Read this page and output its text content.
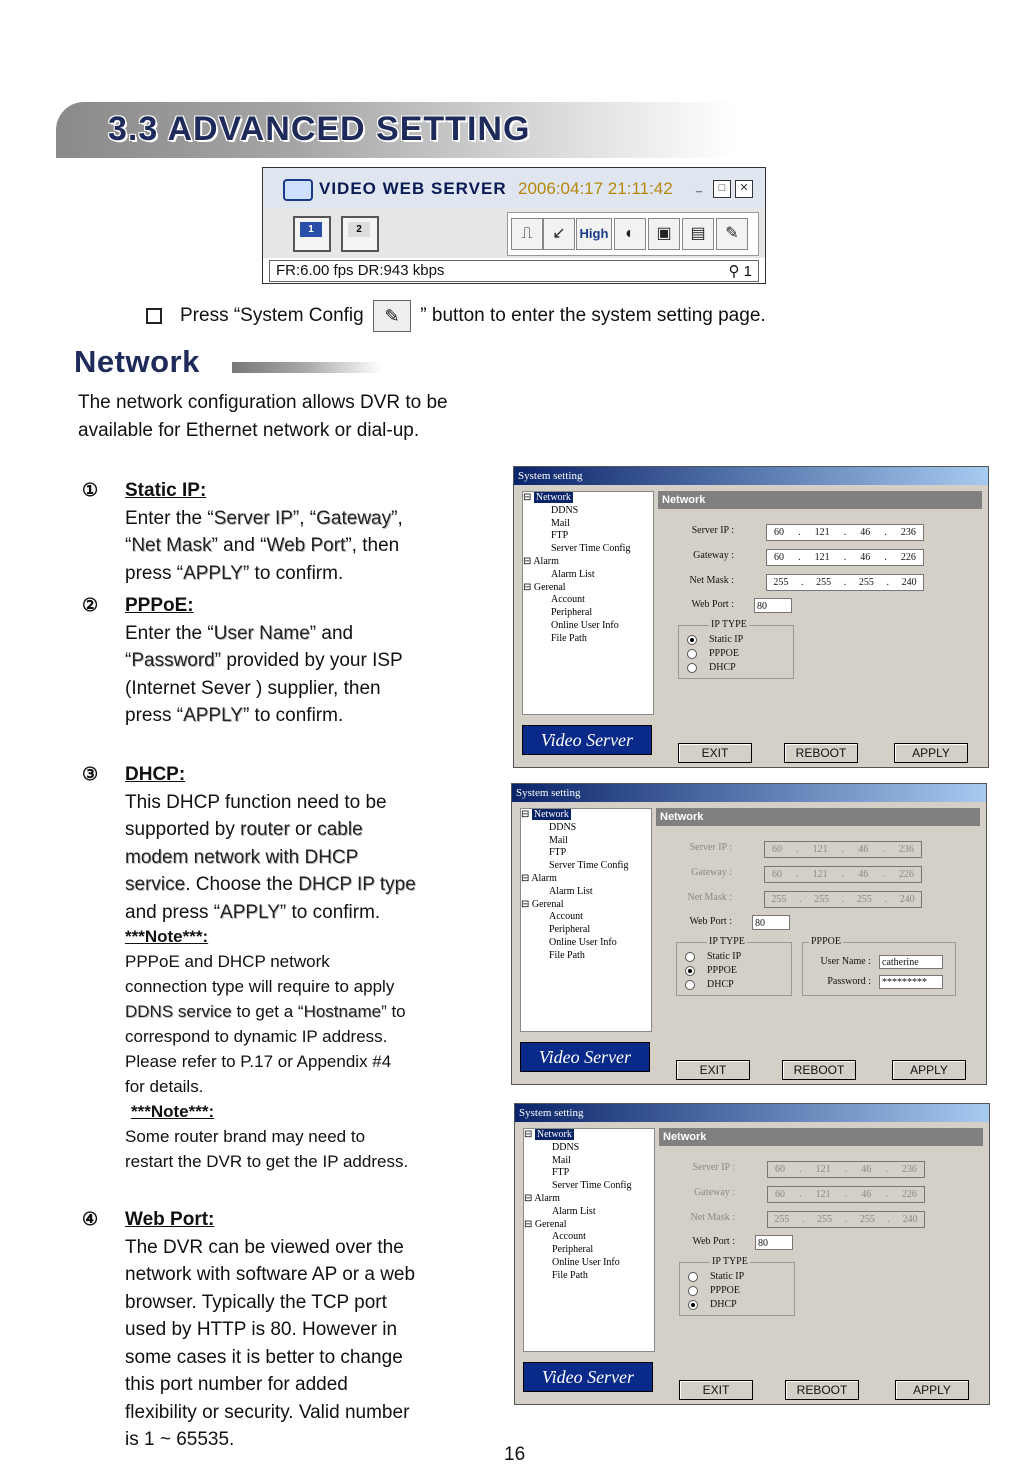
3.3 ADVANCED SETTING
VIDEO WEB SERVER 2006:04:17 21:11:42	_	□	✕
1	2	⎍	↙	High	◐	▣	▤	✎
FR:6.00 fps DR:943 kbps	⚲ 1
Press “System Config ✎ ” button to enter the system setting page.
Network
The network configuration allows DVR to be available for Ethernet network or dial-up.
① Static IP:
Enter the “Server IP”, “Gateway”,
“Net Mask” and “Web Port”, then
press “APPLY” to confirm.
② PPPoE:
Enter the “User Name” and
“Password” provided by your ISP
(Internet Sever ) supplier, then
press “APPLY” to confirm.
③ DHCP:
This DHCP function need to be
supported by router or cable
modem network with DHCP
service. Choose the DHCP IP type
and press “APPLY” to confirm.
***Note***:
PPPoE and DHCP network
connection type will require to apply
DDNS service to get a “Hostname” to
correspond to dynamic IP address.
Please refer to P.17 or Appendix #4
for details.
***Note***:
Some router brand may need to
restart the DVR to get the IP address.
④ Web Port:
The DVR can be viewed over the
network with software AP or a web
browser. Typically the TCP port
used by HTTP is 80. However in
some cases it is better to change
this port number for added
flexibility or security. Valid number
is 1 ~ 65535.
System setting
⊟ Network
DDNS
Mail
FTP
Server Time Config
⊟ Alarm
Alarm List
⊟ Gerenal
Account
Peripheral
Online User Info
File Path
Network
Server IP :	60 . 121 . 46 . 236
Gateway :	60 . 121 . 46 . 226
Net Mask :	255 . 255 . 255 . 240
Web Port :	80
IP TYPE
Static IP
PPPOE
DHCP
Video Server
EXIT	REBOOT	APPLY
System setting
⊟ Network
DDNS
Mail
FTP
Server Time Config
⊟ Alarm
Alarm List
⊟ Gerenal
Account
Peripheral
Online User Info
File Path
Network
Server IP :	60 . 121 . 46 . 236
Gateway :	60 . 121 . 46 . 226
Net Mask :	255 . 255 . 255 . 240
Web Port :	80
IP TYPE
Static IP
PPPOE
DHCP
PPPOE
User Name :	catherine
Password :	*********
Video Server
EXIT	REBOOT	APPLY
System setting
⊟ Network
DDNS
Mail
FTP
Server Time Config
⊟ Alarm
Alarm List
⊟ Gerenal
Account
Peripheral
Online User Info
File Path
Network
Server IP :	60 . 121 . 46 . 236
Gateway :	60 . 121 . 46 . 226
Net Mask :	255 . 255 . 255 . 240
Web Port :	80
IP TYPE
Static IP
PPPOE
DHCP
Video Server
EXIT	REBOOT	APPLY
16
